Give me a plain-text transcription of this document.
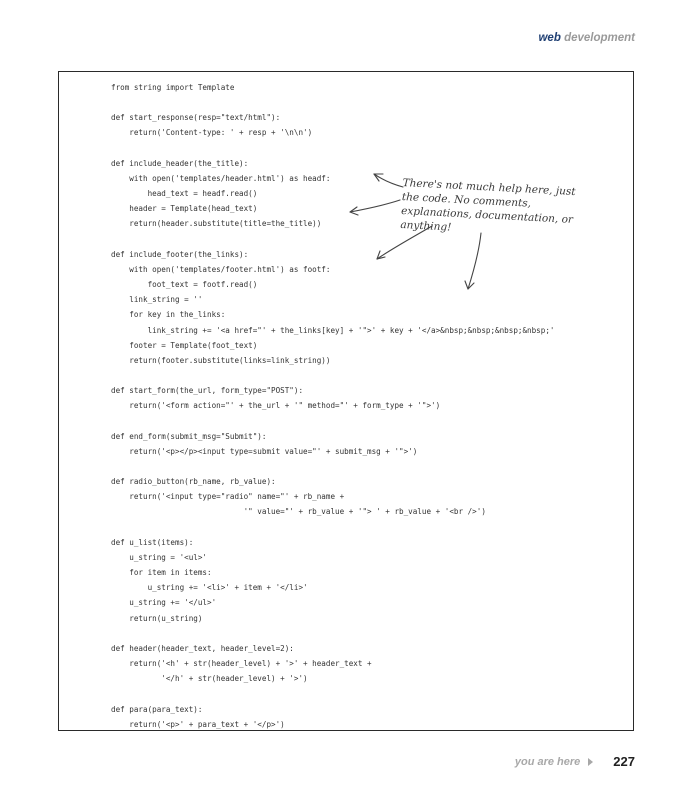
web development
from string import Template
def start_response(resp="text/html"):
return('Content-type: ' + resp + '\n\n')
def include_header(the_title):
with open('templates/header.html') as headf:
head_text = headf.read()
header = Template(head_text)
return(header.substitute(title=the_title))
def include_footer(the_links):
with open('templates/footer.html') as footf:
foot_text = footf.read()
link_string = ''
for key in the_links:
link_string += '<a href="' + the_links[key] + '">' + key + '</a>&nbsp;&nbsp;&nbsp;&nbsp;'
footer = Template(foot_text)
return(footer.substitute(links=link_string))
def start_form(the_url, form_type="POST"):
return('<form action="' + the_url + '" method="' + form_type + '">')
def end_form(submit_msg="Submit"):
return('<p></p><input type=submit value="' + submit_msg + '">')
def radio_button(rb_name, rb_value):
return('<input type="radio" name="' + rb_name +
'" value="' + rb_value + '"> ' + rb_value + '<br />')
def u_list(items):
u_string = '<ul>'
for item in items:
u_string += '<li>' + item + '</li>'
u_string += '</ul>'
return(u_string)
def header(header_text, header_level=2):
return('<h' + str(header_level) + '>' + header_text +
'</h' + str(header_level) + '>')
def para(para_text):
return('<p>' + para_text + '</p>')
There's not much help here, just the code. No comments, explanations, documentation, or anything!
you are here	227
